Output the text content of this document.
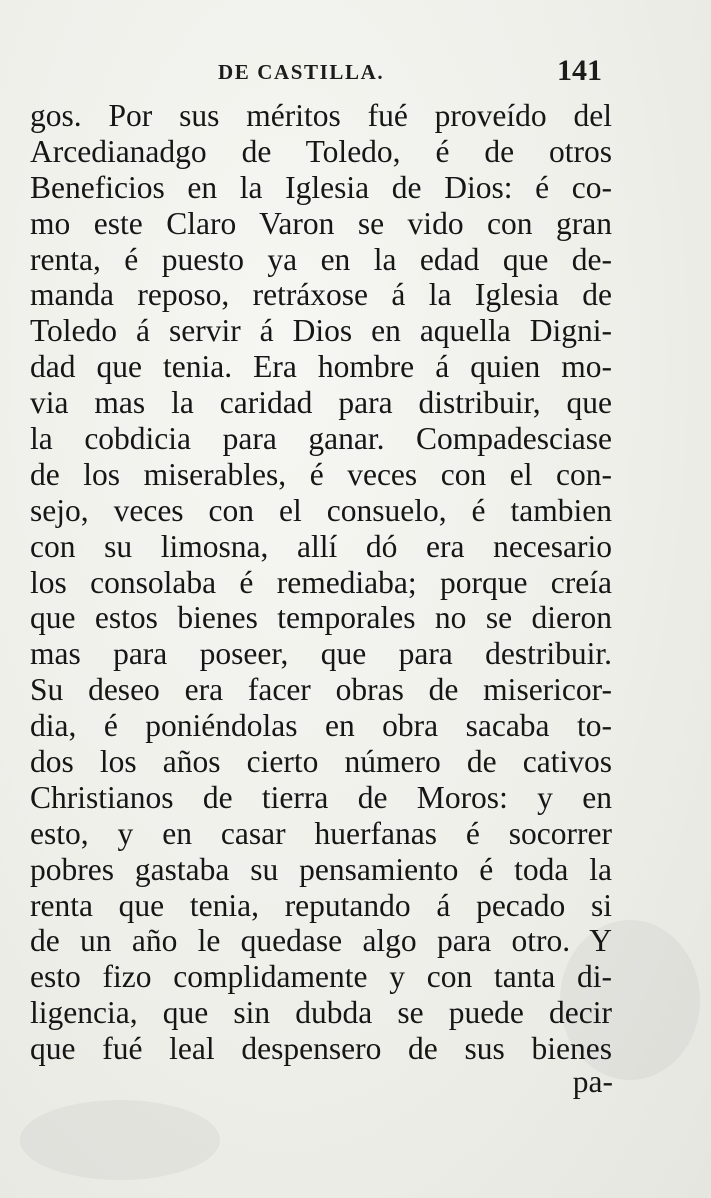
DE CASTILLA.	141
gos. Por sus méritos fué proveído del
Arcedianadgo de Toledo, é de otros
Beneficios en la Iglesia de Dios: é co-
mo este Claro Varon se vido con gran
renta, é puesto ya en la edad que de-
manda reposo, retráxose á la Iglesia de
Toledo á servir á Dios en aquella Digni-
dad que tenia. Era hombre á quien mo-
via mas la caridad para distribuir, que
la cobdicia para ganar. Compadesciase
de los miserables, é veces con el con-
sejo, veces con el consuelo, é tambien
con su limosna, allí dó era necesario
los consolaba é remediaba; porque creía
que estos bienes temporales no se dieron
mas para poseer, que para destribuir.
Su deseo era facer obras de misericor-
dia, é poniéndolas en obra sacaba to-
dos los años cierto número de cativos
Christianos de tierra de Moros: y en
esto, y en casar huerfanas é socorrer
pobres gastaba su pensamiento é toda la
renta que tenia, reputando á pecado si
de un año le quedase algo para otro. Y
esto fizo complidamente y con tanta di-
ligencia, que sin dubda se puede decir
que fué leal despensero de sus bienes
pa-
